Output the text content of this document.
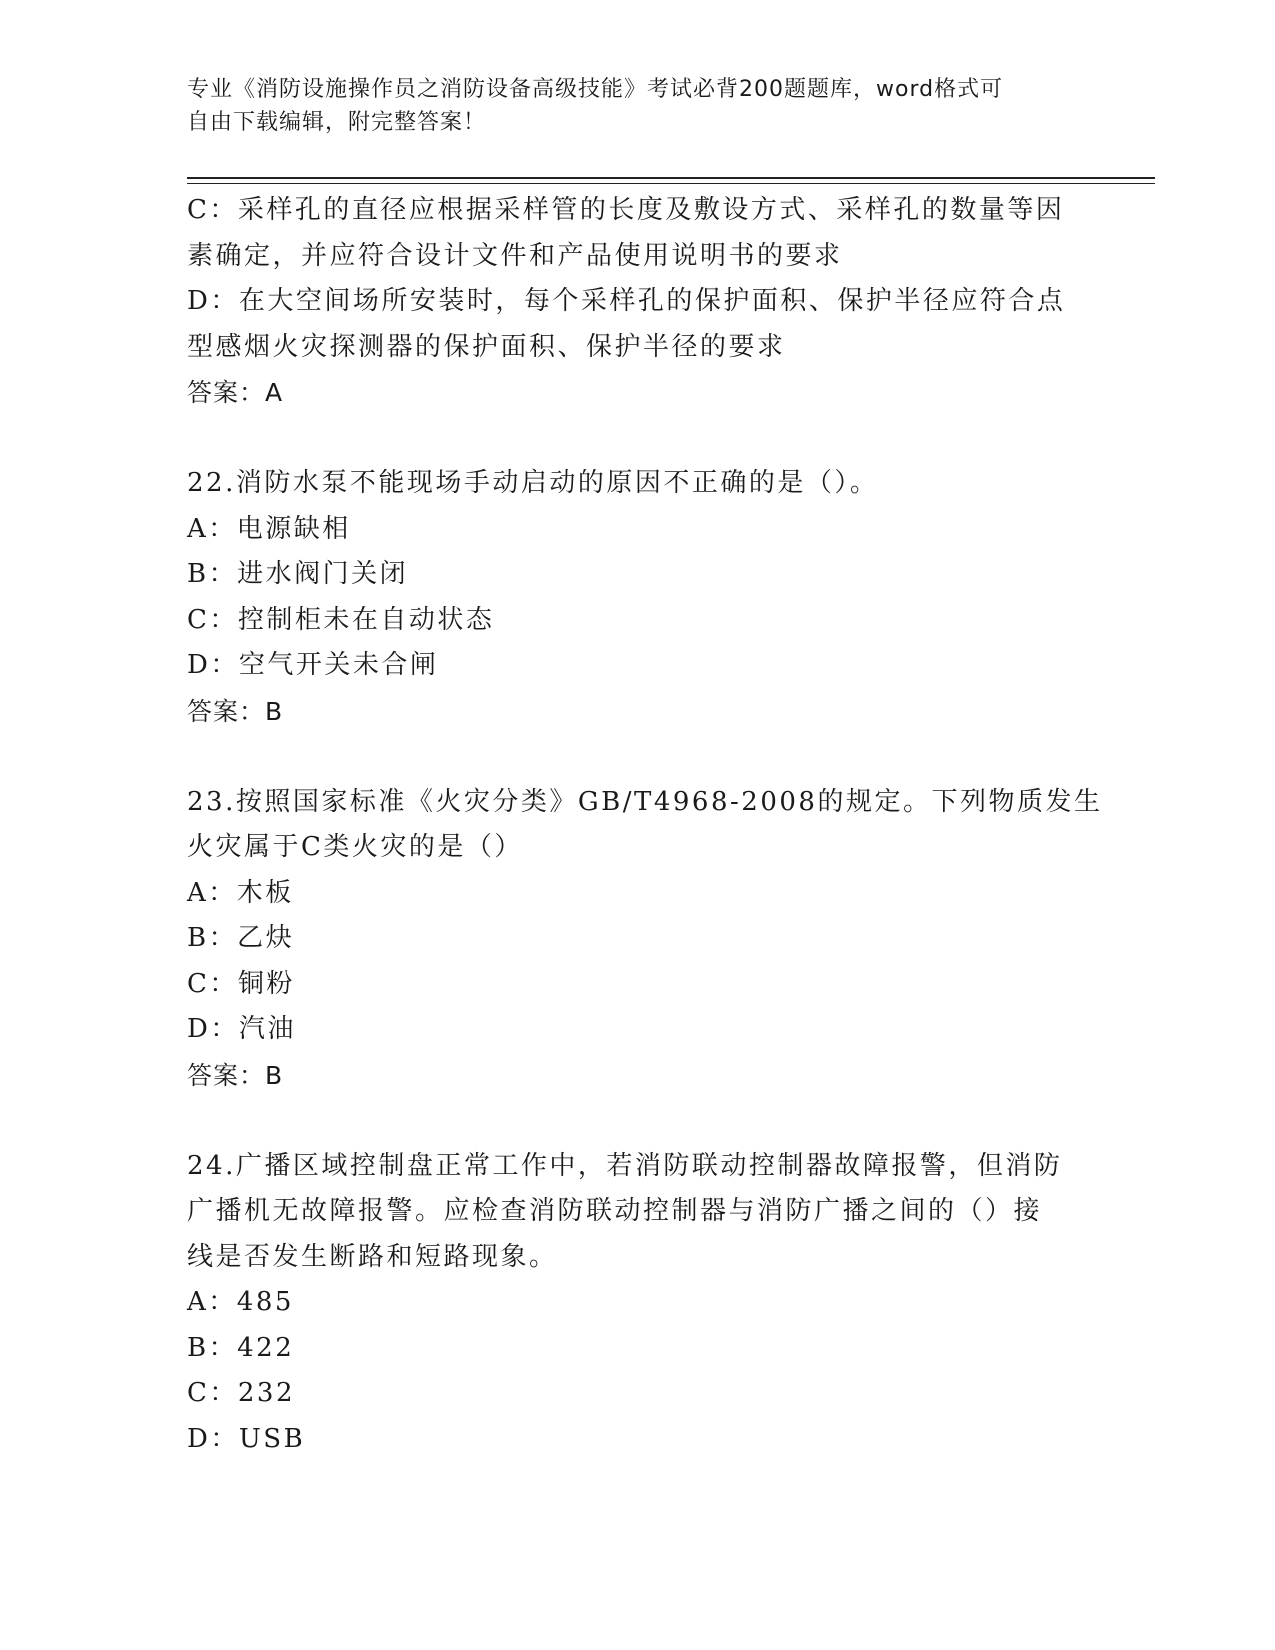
专业《消防设施操作员之消防设备高级技能》考试必背200题题库，word格式可
自由下载编辑，附完整答案！

C：采样孔的直径应根据采样管的长度及敷设方式、采样孔的数量等因

素确定，并应符合设计文件和产品使用说明书的要求

D：在大空间场所安装时，每个采样孔的保护面积、保护半径应符合点

型感烟火灾探测器的保护面积、保护半径的要求

答案：A

22.消防水泵不能现场手动启动的原因不正确的是（）。

A：电源缺相

B：进水阀门关闭

C：控制柜未在自动状态

D：空气开关未合闸

答案：B

23.按照国家标准《火灾分类》GB/T4968-2008的规定。下列物质发生

火灾属于C类火灾的是（）

A：木板

B：乙炔

C：铜粉

D：汽油

答案：B

24.广播区域控制盘正常工作中，若消防联动控制器故障报警，但消防

广播机无故障报警。应检查消防联动控制器与消防广播之间的（）接

线是否发生断路和短路现象。

A：485

B：422

C：232

D：USB
